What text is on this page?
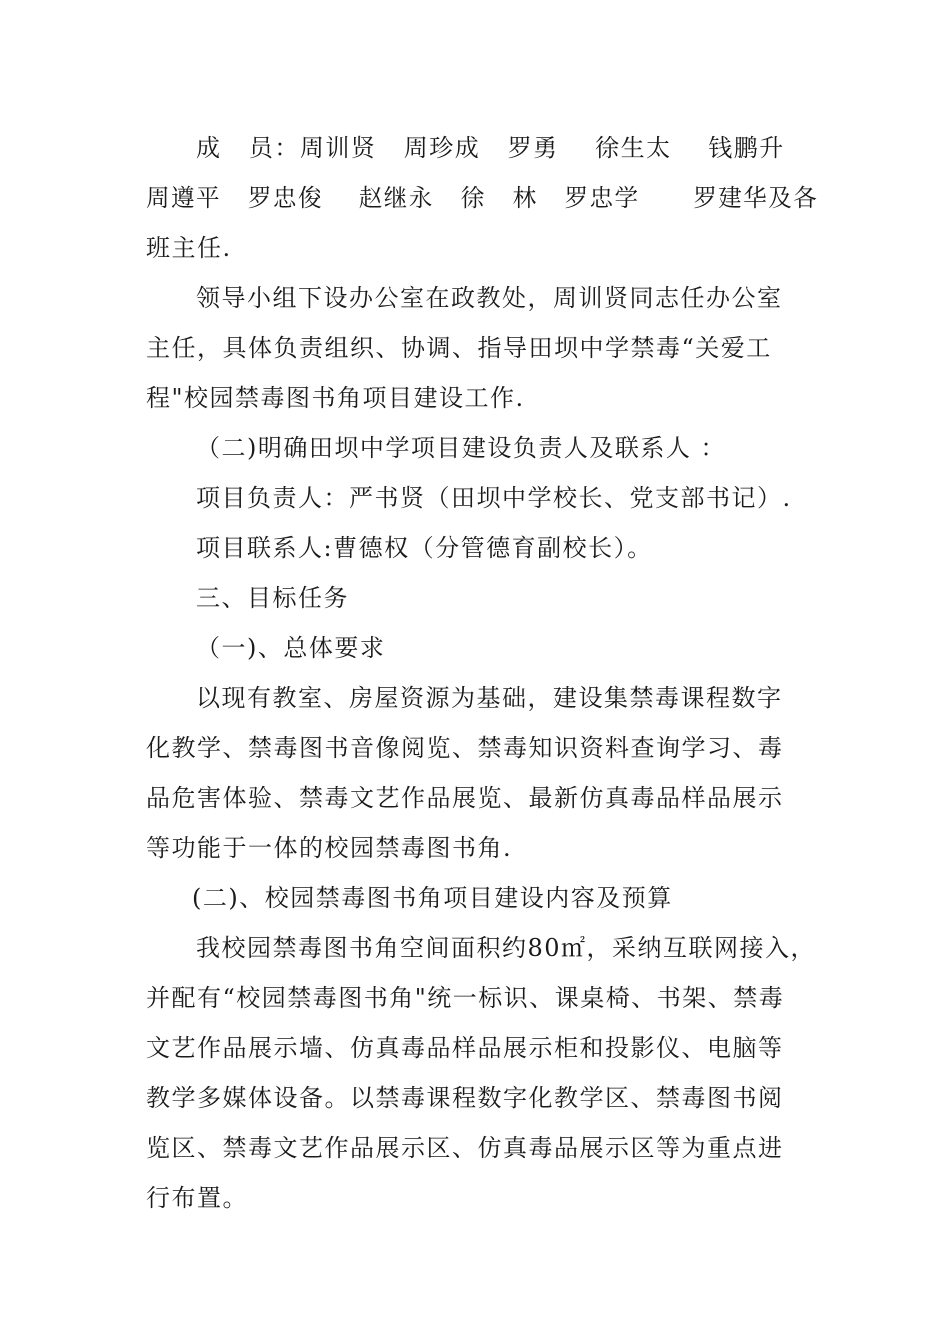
成   员：周训贤   周珍成   罗勇    徐生太    钱鹏升
周遵平   罗忠俊    赵继永   徐   林   罗忠学      罗建华及各
班主任.
领导小组下设办公室在政教处，周训贤同志任办公室
主任，具体负责组织、协调、指导田坝中学禁毒“关爱工
程"校园禁毒图书角项目建设工作.
（二)明确田坝中学项目建设负责人及联系人 ：
项目负责人：严书贤（田坝中学校长、党支部书记）.
项目联系人:曹德权（分管德育副校长）。
三、目标任务
（一)、总体要求
以现有教室、房屋资源为基础，建设集禁毒课程数字
化教学、禁毒图书音像阅览、禁毒知识资料查询学习、毒
品危害体验、禁毒文艺作品展览、最新仿真毒品样品展示
等功能于一体的校园禁毒图书角.
(二)、校园禁毒图书角项目建设内容及预算
我校园禁毒图书角空间面积约80㎡，采纳互联网接入，
并配有“校园禁毒图书角"统一标识、课桌椅、书架、禁毒
文艺作品展示墙、仿真毒品样品展示柜和投影仪、电脑等
教学多媒体设备。以禁毒课程数字化教学区、禁毒图书阅
览区、禁毒文艺作品展示区、仿真毒品展示区等为重点进
行布置。
